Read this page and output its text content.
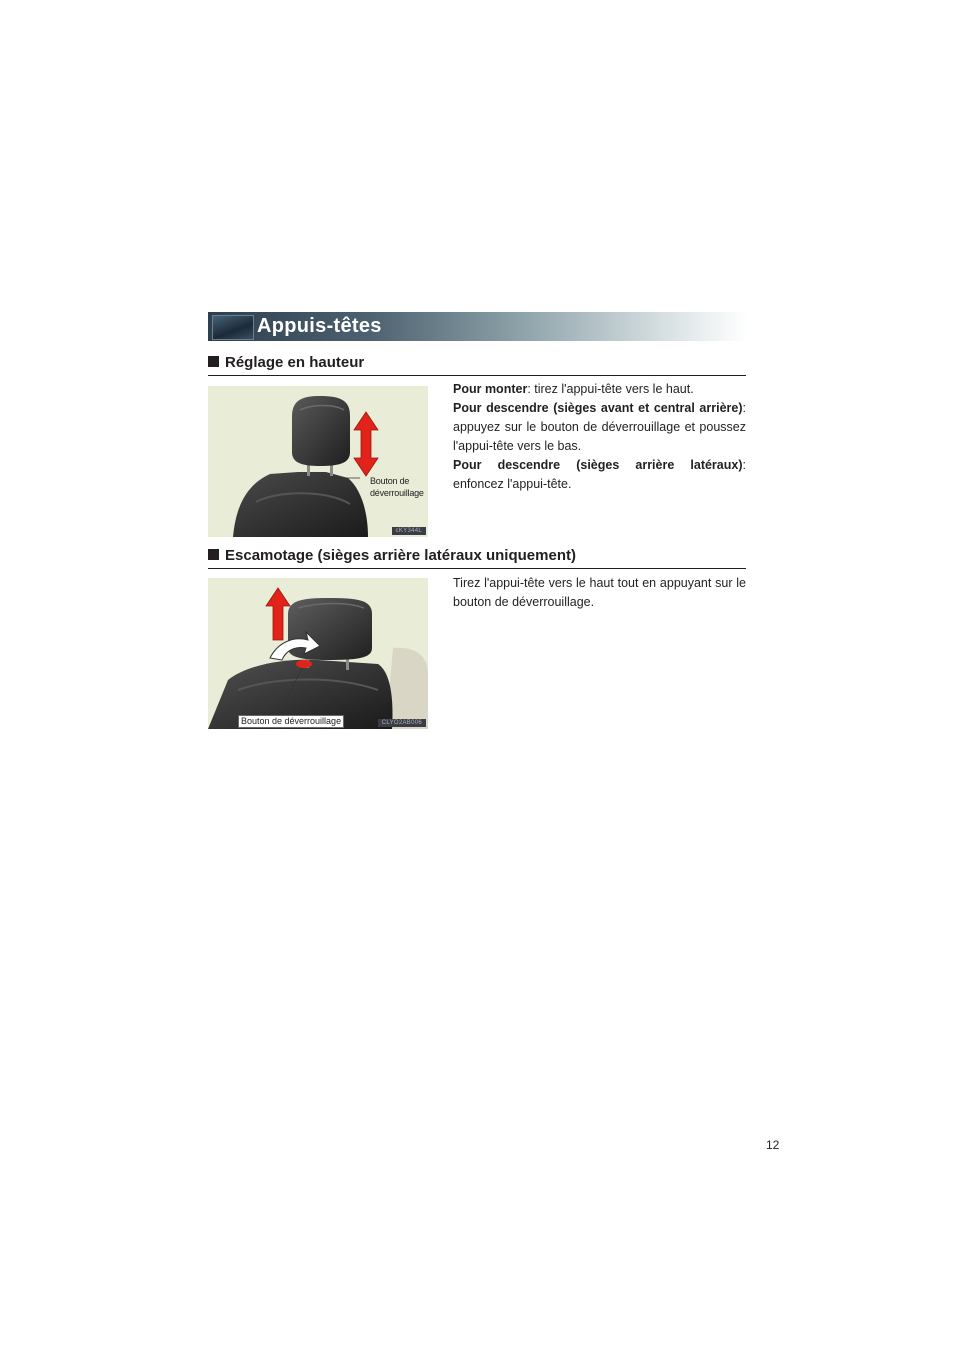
Appuis-têtes
Réglage en hauteur
Bouton de
déverrouillage
cKY344L
Pour monter: tirez l'appui-tête vers le haut.
Pour descendre (sièges avant et central arrière): appuyez sur le bouton de déverrouillage et poussez l'appui-tête vers le bas.
Pour descendre (sièges arrière latéraux): enfoncez l'appui-tête.
Escamotage (sièges arrière latéraux uniquement)
Bouton de déverrouillage	CLYO2AB006
Tirez l'appui-tête vers le haut tout en appuyant sur le bouton de déverrouillage.
12
